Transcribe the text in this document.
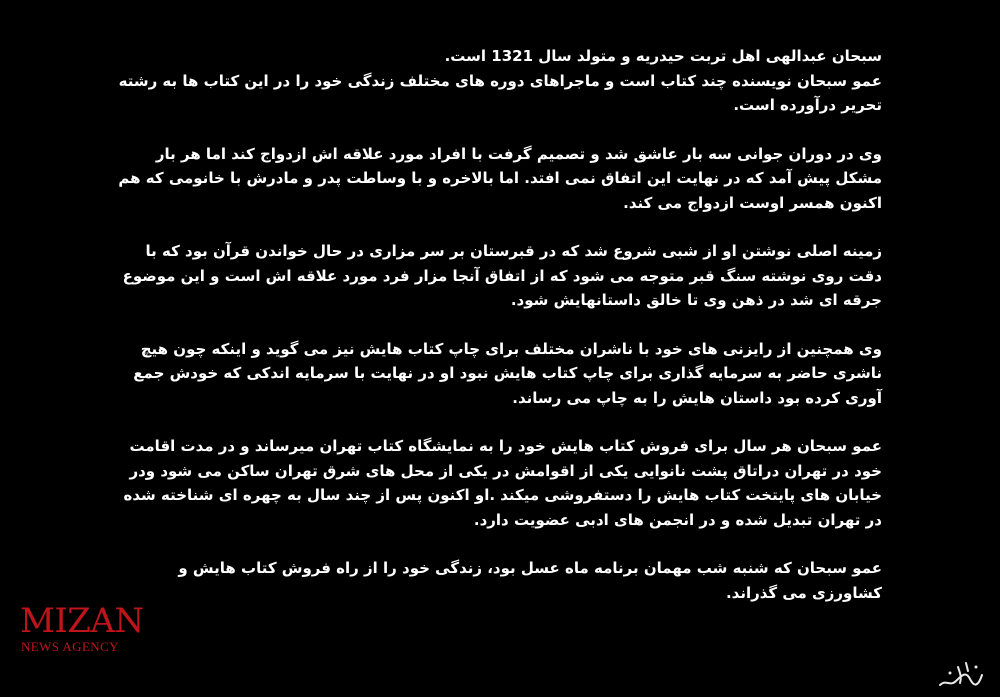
سبحان عبدالهی اهل تربت حیدریه و متولد سال 1321 است.
عمو سبحان نویسنده چند کتاب است و ماجراهای دوره های مختلف زندگی خود را در این کتاب ها به رشته تحریر درآورده است.

وی در دوران جوانی سه بار عاشق شد و تصمیم گرفت با افراد مورد علاقه اش ازدواج کند اما هر بار مشکل پیش آمد که در نهایت این اتفاق نمی افتد. اما بالاخره و با وساطت پدر و مادرش با خانومی که هم اکنون همسر اوست ازدواج می کند.

زمینه اصلی نوشتن او از شبی شروع شد که در قبرستان بر سر مزاری در حال خواندن قرآن بود که با دقت روی نوشته سنگ قبر متوجه می شود که از اتفاق آنجا مزار فرد مورد علاقه اش است و این موضوع جرقه ای شد در ذهن وی تا خالق داستانهایش شود.

وی همچنین از رایزنی های خود با ناشران مختلف برای چاپ کتاب هایش نیز می گوید و اینکه چون هیچ ناشری حاضر به سرمایه گذاری برای چاپ کتاب هایش نبود او در نهایت با سرمایه اندکی که خودش جمع آوری کرده بود داستان هایش را به چاپ می رساند.

عمو سبحان هر سال برای فروش کتاب هایش خود را به نمایشگاه کتاب تهران میرساند و در مدت اقامت خود در تهران دراتاق پشت نانوایی یکی از اقوامش در یکی از محل های شرق تهران ساکن می شود ودر خیابان های پایتخت کتاب هایش را دستفروشی میکند .او اکنون پس از چند سال به چهره ای شناخته شده در تهران تبدیل شده و در انجمن های ادبی عضویت دارد.

عمو سبحان که شنبه شب مهمان برنامه ماه عسل بود، زندگی خود را از راه فروش کتاب هایش و کشاورزی می گذراند.

MIZAN
NEWS AGENCY
